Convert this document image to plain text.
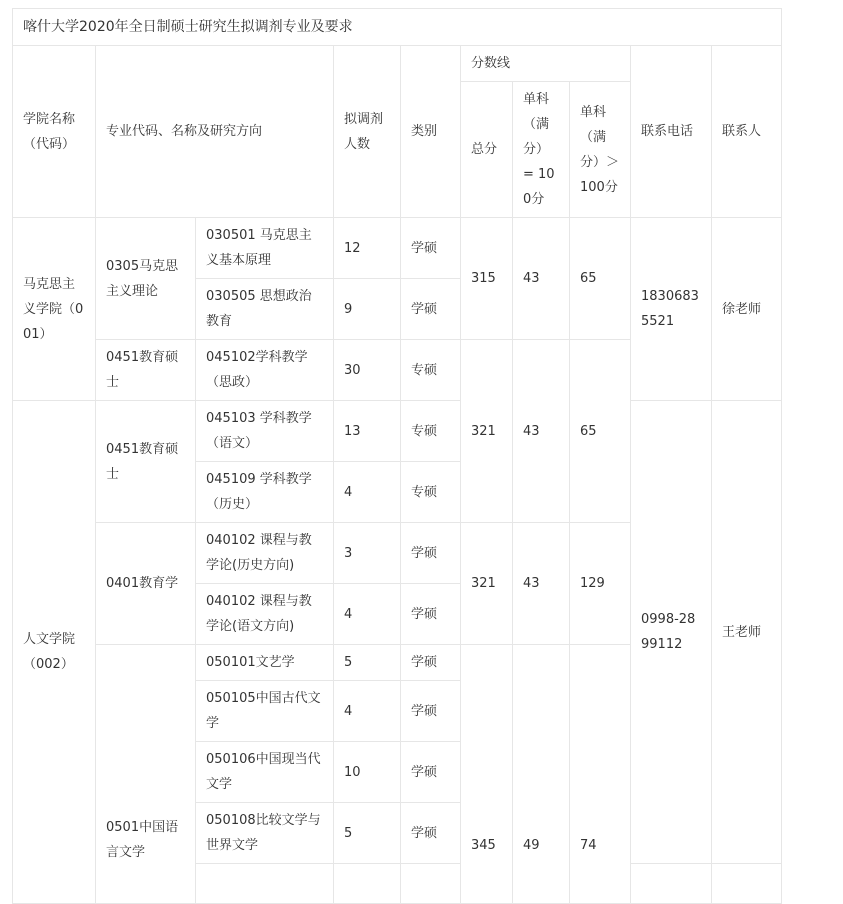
喀什大学2020年全日制硕士研究生拟调剂专业及要求									
学院名称（代码）	专业代码、名称及研究方向		拟调剂人数	类别	分数线			联系电话	联系人
					总分	单科（满分）= 100分	单科（满分）＞100分		
马克思主义学院（001）	0305马克思主义理论	030501 马克思主义基本原理	12	学硕	315	43	65	18306835521	徐老师
		030505 思想政治教育	9	学硕					
	0451教育硕士	045102学科教学（思政）	30	专硕	321	43	65		
人文学院（002）	0451教育硕士	045103 学科教学（语文）	13	专硕				0998-2899112	王老师
		045109 学科教学（历史）	4	专硕					
	0401教育学	040102 课程与教学论(历史方向)	3	学硕	321	43	129		
		040102 课程与教学论(语文方向)	4	学硕					
	0501中国语言文学	050101文艺学	5	学硕	345	49	74		
		050105中国古代文学	4	学硕					
		050106中国现当代文学	10	学硕					
		050108比较文学与世界文学	5	学硕					
